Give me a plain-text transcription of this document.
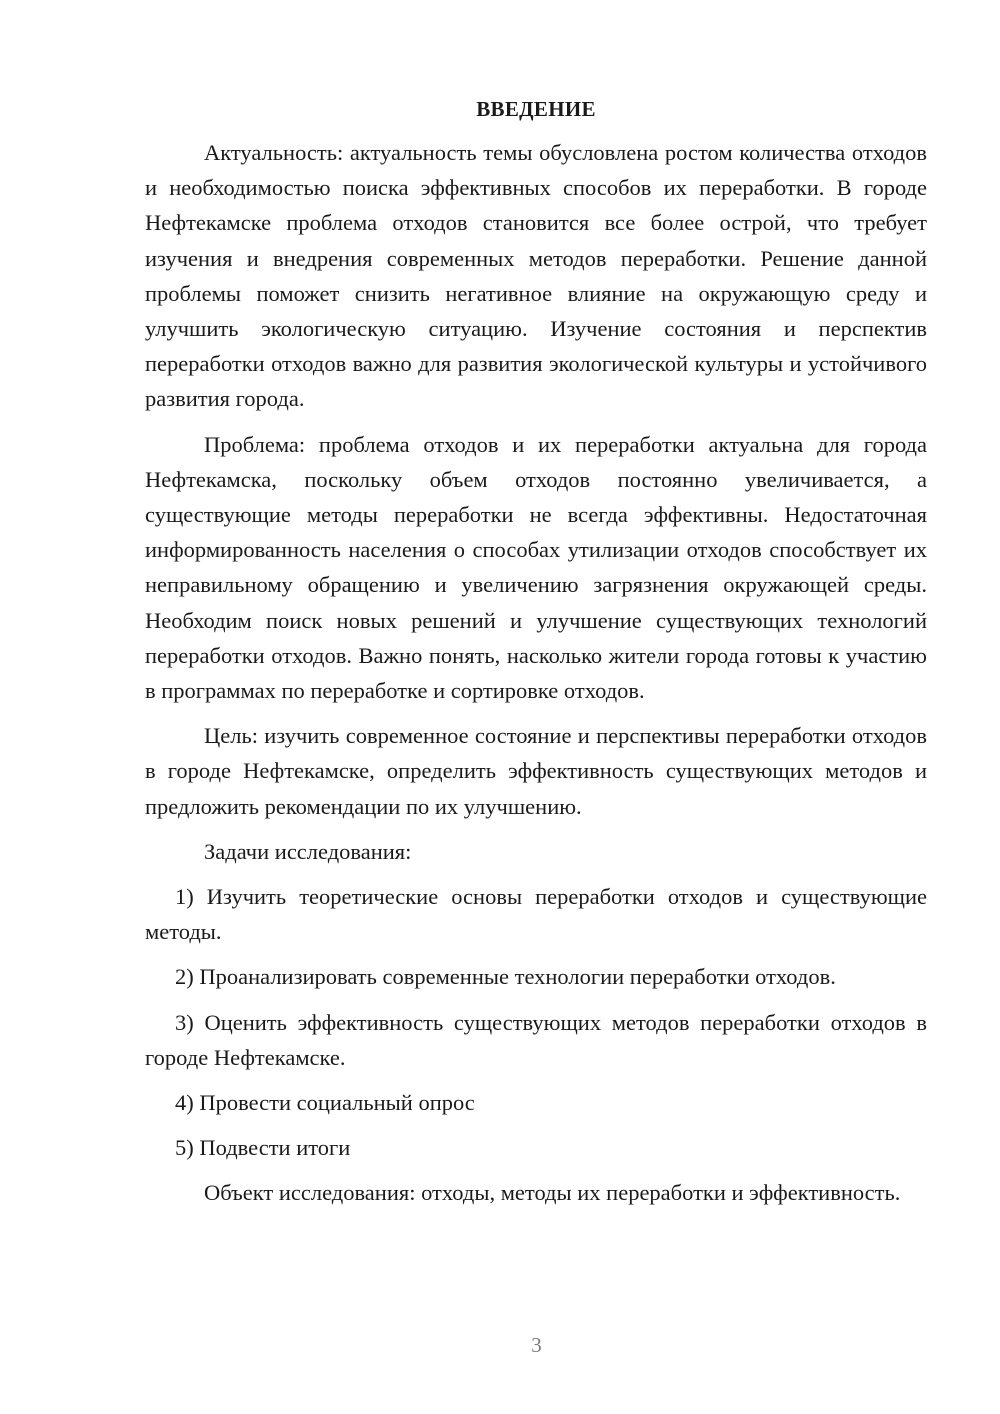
ВВЕДЕНИЕ

Актуальность: актуальность темы обусловлена ростом количества отходов и необходимостью поиска эффективных способов их переработки. В городе Нефтекамске проблема отходов становится все более острой, что требует изучения и внедрения современных методов переработки. Решение данной проблемы поможет снизить негативное влияние на окружающую среду и улучшить экологическую ситуацию. Изучение состояния и перспектив переработки отходов важно для развития экологической культуры и устойчивого развития города.

Проблема: проблема отходов и их переработки актуальна для города Нефтекамска, поскольку объем отходов постоянно увеличивается, а существующие методы переработки не всегда эффективны. Недостаточная информированность населения о способах утилизации отходов способствует их неправильному обращению и увеличению загрязнения окружающей среды. Необходим поиск новых решений и улучшение существующих технологий переработки отходов. Важно понять, насколько жители города готовы к участию в программах по переработке и сортировке отходов.

Цель: изучить современное состояние и перспективы переработки отходов в городе Нефтекамске, определить эффективность существующих методов и предложить рекомендации по их улучшению.

Задачи исследования:

1) Изучить теоретические основы переработки отходов и существующие методы.

2) Проанализировать современные технологии переработки отходов.

3) Оценить эффективность существующих методов переработки отходов в городе Нефтекамске.

4) Провести социальный опрос

5) Подвести итоги

Объект исследования: отходы, методы их переработки и эффективность.

3
